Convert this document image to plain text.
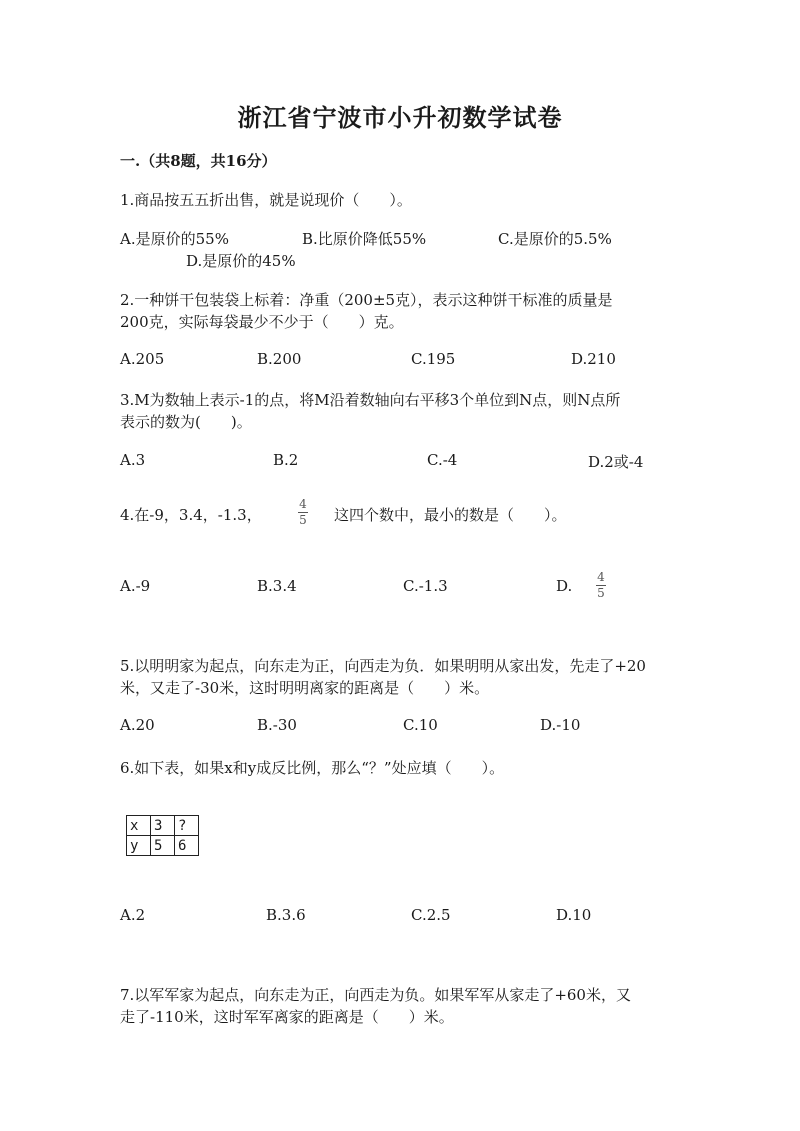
浙江省宁波市小升初数学试卷
一.（共8题，共16分）
1.商品按五五折出售，就是说现价（　　）。
A.是原价的55%	B.比原价降低55%	C.是原价的5.5%
D.是原价的45%
2.一种饼干包装袋上标着：净重（200±5克），表示这种饼干标准的质量是
200克，实际每袋最少不少于（　　）克。
A.205	B.200	C.195	D.210
3.M为数轴上表示-1的点，将M沿着数轴向右平移3个单位到N点，则N点所
表示的数为(　　)。
A.3	B.2	C.-4	D.2或-4
4.在-9，3.4，-1.3，
4
5 这四个数中，最小的数是（　　）。
A.-9	B.3.4	C.-1.3	D. 4
5
5.以明明家为起点，向东走为正，向西走为负．如果明明从家出发，先走了+20
米，又走了-30米，这时明明离家的距离是（　　）米。
A.20	B.-30	C.10	D.-10
6.如下表，如果x和y成反比例，那么“？”处应填（　　）。
x	3	?
y	5	6
A.2	B.3.6	C.2.5	D.10
7.以军军家为起点，向东走为正，向西走为负。如果军军从家走了+60米，又
走了-110米，这时军军离家的距离是（　　）米。
